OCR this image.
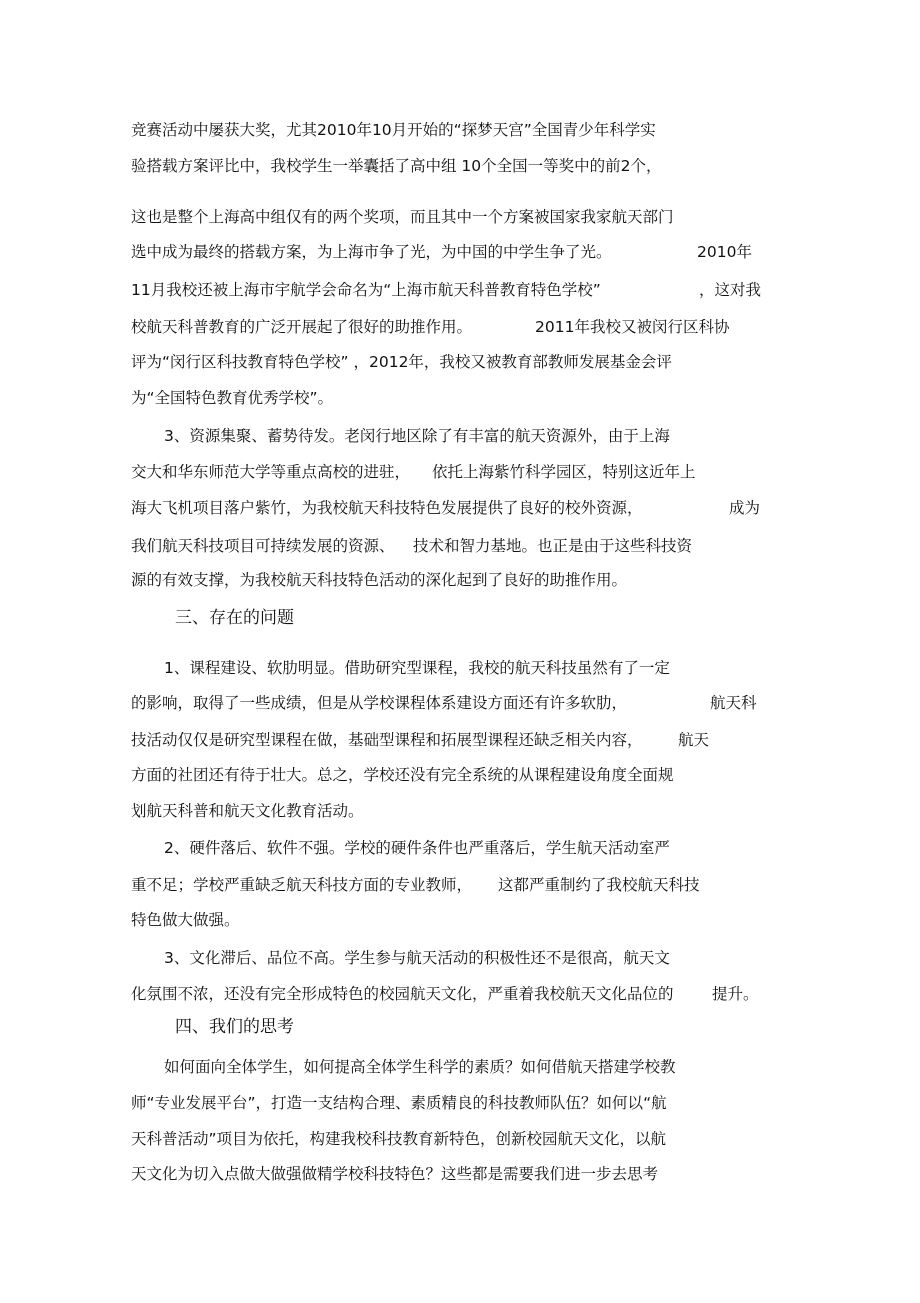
竞赛活动中屡获大奖，尤其2010年10月开始的“探梦天宫”全国青少年科学实
验搭载方案评比中，我校学生一举囊括了高中组 10个全国一等奖中的前2个，
这也是整个上海高中组仅有的两个奖项，而且其中一个方案被国家我家航天部门
选中成为最终的搭载方案，为上海市争了光，为中国的中学生争了光。	2010年
11月我校还被上海市宇航学会命名为“上海市航天科普教育特色学校”	，这对我
校航天科普教育的广泛开展起了很好的助推作用。	2011年我校又被闵行区科协
评为“闵行区科技教育特色学校” ，2012年，我校又被教育部教师发展基金会评
为“全国特色教育优秀学校”。
3、资源集聚、蓄势待发。老闵行地区除了有丰富的航天资源外，由于上海
交大和华东师范大学等重点高校的进驻， 依托上海紫竹科学园区，特别这近年上
海大飞机项目落户紫竹，为我校航天科技特色发展提供了良好的校外资源，	成为
我们航天科技项目可持续发展的资源、 技术和智力基地。也正是由于这些科技资
源的有效支撑，为我校航天科技特色活动的深化起到了良好的助推作用。
三、存在的问题
1、课程建设、软肋明显。借助研究型课程，我校的航天科技虽然有了一定
的影响，取得了一些成绩，但是从学校课程体系建设方面还有许多软肋，	航天科
技活动仅仅是研究型课程在做，基础型课程和拓展型课程还缺乏相关内容， 航天
方面的社团还有待于壮大。总之，学校还没有完全系统的从课程建设角度全面规
划航天科普和航天文化教育活动。
2、硬件落后、软件不强。学校的硬件条件也严重落后，学生航天活动室严
重不足；学校严重缺乏航天科技方面的专业教师， 这都严重制约了我校航天科技
特色做大做强。
3、文化滞后、品位不高。学生参与航天活动的积极性还不是很高，航天文
化氛围不浓，还没有完全形成特色的校园航天文化，严重着我校航天文化品位的 提升。
四、我们的思考
如何面向全体学生，如何提高全体学生科学的素质？如何借航天搭建学校教
师“专业发展平台”，打造一支结构合理、素质精良的科技教师队伍？如何以“航
天科普活动”项目为依托，构建我校科技教育新特色，创新校园航天文化，以航
天文化为切入点做大做强做精学校科技特色？这些都是需要我们进一步去思考
